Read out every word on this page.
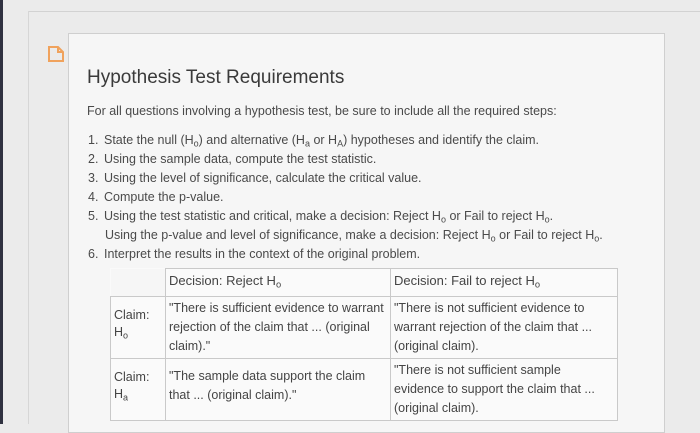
Hypothesis Test Requirements
For all questions involving a hypothesis test, be sure to include all the required steps:
1. State the null $(H_o)$ and alternative ($H_a$ or $H_A$) hypotheses and identify the claim.
2. Using the sample data, compute the test statistic.
3. Using the level of significance, calculate the critical value.
4. Compute the p-value.
5. Using the test statistic and critical, make a decision: Reject $H_o$ or Fail to reject $H_o$.
Using the p-value and level of significance, make a decision: Reject $H_o$ or Fail to reject $H_o$.
6. Interpret the results in the context of the original problem.
	Decision: Reject $H_o$	Decision: Fail to reject $H_o$

Claim:
$H_o$	"There is sufficient evidence to warrant rejection of the claim that ... (original claim)."	"There is not sufficient evidence to warrant rejection of the claim that ... (original claim).

Claim:
$H_a$	"The sample data support the claim that ... (original claim)."	"There is not sufficient sample evidence to support the claim that ... (original claim).
